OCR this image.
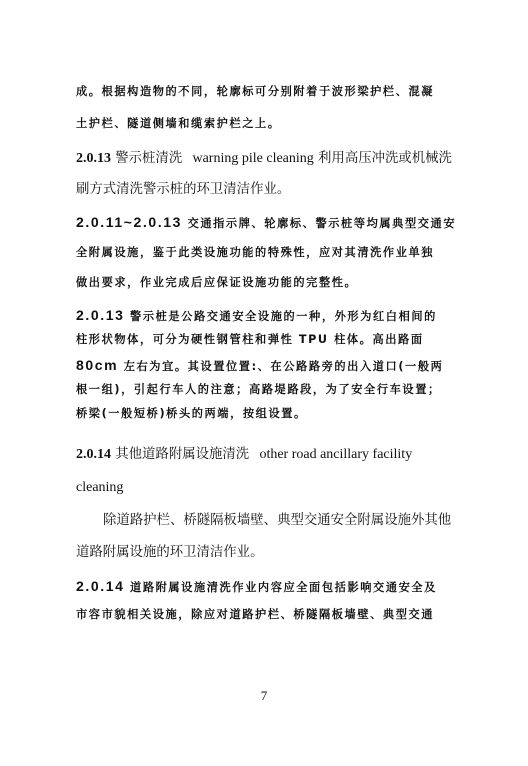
成。根据构造物的不同，轮廓标可分别附着于波形梁护栏、混凝
土护栏、隧道侧墙和缆索护栏之上。
2.0.13 警示桩清洗 warning pile cleaning 利用高压冲洗或机械洗
刷方式清洗警示桩的环卫清洁作业。
2.0.11~2.0.13 交通指示牌、轮廓标、警示桩等均属典型交通安
全附属设施，鉴于此类设施功能的特殊性，应对其清洗作业单独
做出要求，作业完成后应保证设施功能的完整性。
2.0.13 警示桩是公路交通安全设施的一种，外形为红白相间的
柱形状物体，可分为硬性钢管柱和弹性 TPU 柱体。高出路面
80cm 左右为宜。其设置位置:、在公路路旁的出入道口(一般两
根一组)，引起行车人的注意；高路堤路段，为了安全行车设置；
桥梁(一般短桥)桥头的两端，按组设置。
2.0.14 其他道路附属设施清洗 other road ancillary facility
cleaning
除道路护栏、桥隧隔板墙壁、典型交通安全附属设施外其他
道路附属设施的环卫清洁作业。
2.0.14 道路附属设施清洗作业内容应全面包括影响交通安全及
市容市貌相关设施，除应对道路护栏、桥隧隔板墙壁、典型交通
7
